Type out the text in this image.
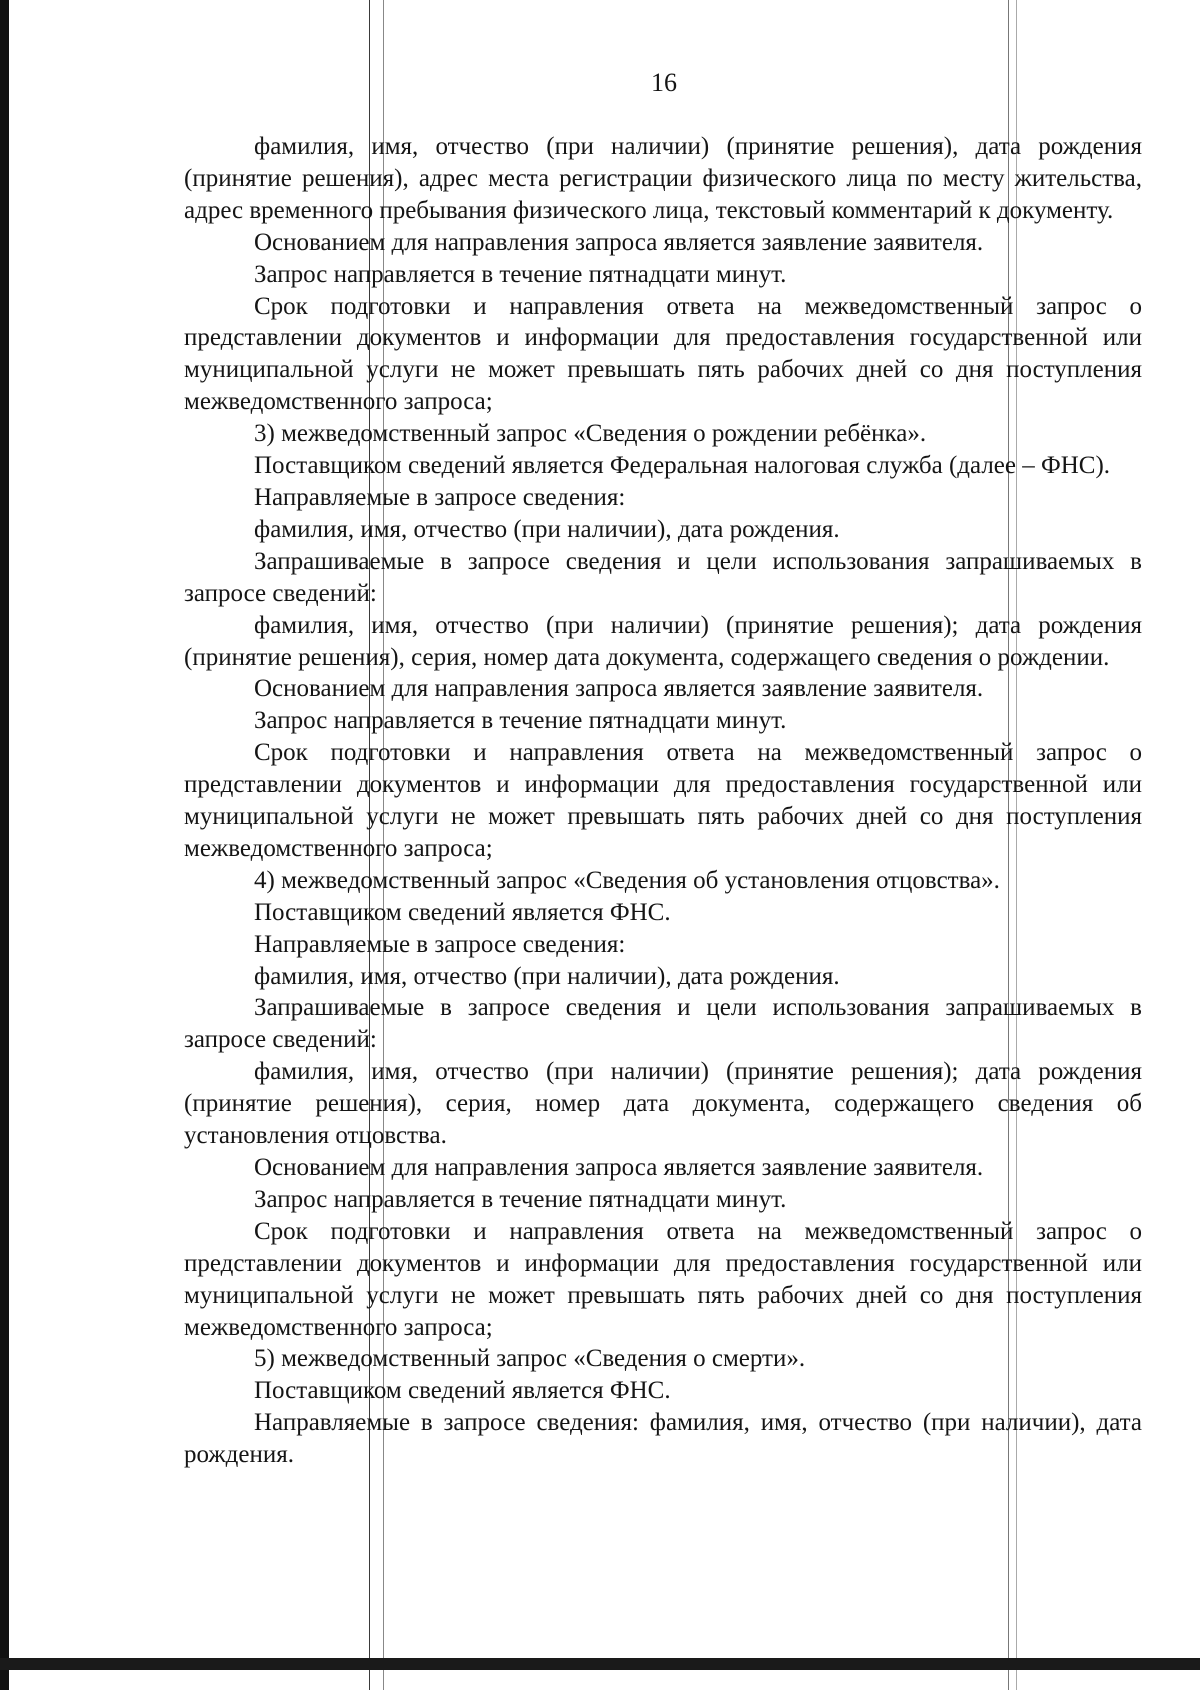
16

фамилия, имя, отчество (при наличии) (принятие решения), дата рождения (принятие решения), адрес места регистрации физического лица по месту жительства, адрес временного пребывания физического лица, текстовый комментарий к документу.

Основанием для направления запроса является заявление заявителя.

Запрос направляется в течение пятнадцати минут.

Срок подготовки и направления ответа на межведомственный запрос о представлении документов и информации для предоставления государственной или муниципальной услуги не может превышать пять рабочих дней со дня поступления межведомственного запроса;

3) межведомственный запрос «Сведения о рождении ребёнка».

Поставщиком сведений является Федеральная налоговая служба (далее – ФНС).

Направляемые в запросе сведения:

фамилия, имя, отчество (при наличии), дата рождения.

Запрашиваемые в запросе сведения и цели использования запрашиваемых в запросе сведений:

фамилия, имя, отчество (при наличии) (принятие решения); дата рождения (принятие решения), серия, номер дата документа, содержащего сведения о рождении.

Основанием для направления запроса является заявление заявителя.

Запрос направляется в течение пятнадцати минут.

Срок подготовки и направления ответа на межведомственный запрос о представлении документов и информации для предоставления государственной или муниципальной услуги не может превышать пять рабочих дней со дня поступления межведомственного запроса;

4) межведомственный запрос «Сведения об установления отцовства».

Поставщиком сведений является ФНС.

Направляемые в запросе сведения:

фамилия, имя, отчество (при наличии), дата рождения.

Запрашиваемые в запросе сведения и цели использования запрашиваемых в запросе сведений:

фамилия, имя, отчество (при наличии) (принятие решения); дата рождения (принятие решения), серия, номер дата документа, содержащего сведения об установления отцовства.

Основанием для направления запроса является заявление заявителя.

Запрос направляется в течение пятнадцати минут.

Срок подготовки и направления ответа на межведомственный запрос о представлении документов и информации для предоставления государственной или муниципальной услуги не может превышать пять рабочих дней со дня поступления межведомственного запроса;

5) межведомственный запрос «Сведения о смерти».

Поставщиком сведений является ФНС.

Направляемые в запросе сведения: фамилия, имя, отчество (при наличии), дата рождения.
